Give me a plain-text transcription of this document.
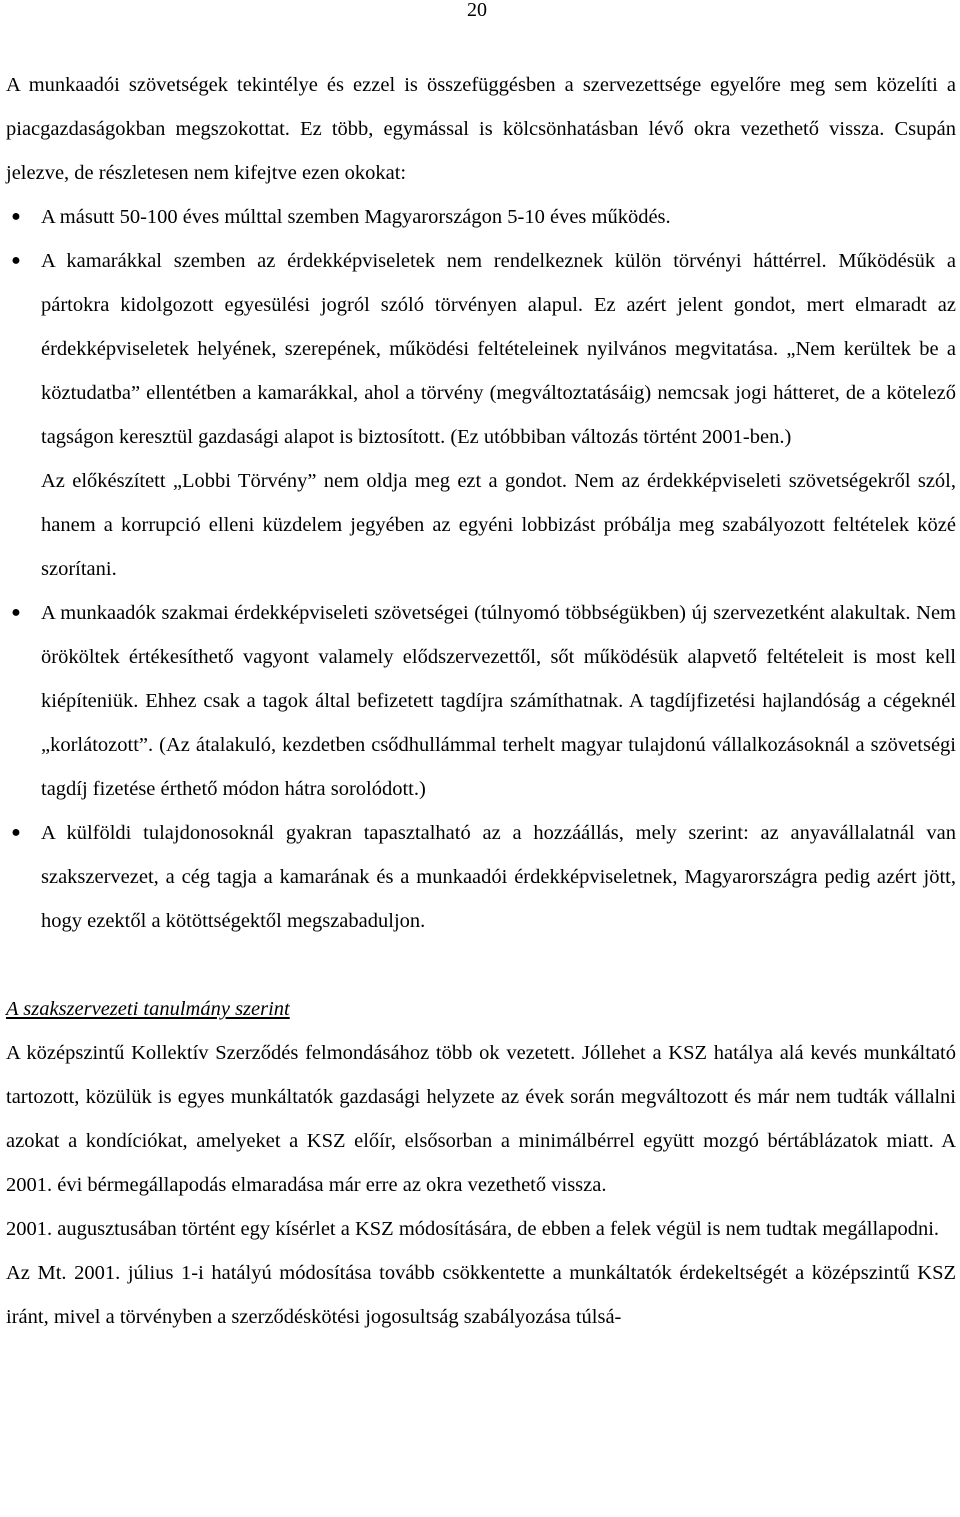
20

A munkaadói szövetségek tekintélye és ezzel is összefüggésben a szervezettsége egyelőre meg sem közelíti a piacgazdaságokban megszokottat. Ez több, egymással is kölcsönhatásban lévő okra vezethető vissza. Csupán jelezve, de részletesen nem kifejtve ezen okokat:

● A másutt 50-100 éves múlttal szemben Magyarországon 5-10 éves működés.

● A kamarákkal szemben az érdekképviseletek nem rendelkeznek külön törvényi háttérrel. Működésük a pártokra kidolgozott egyesülési jogról szóló törvényen alapul. Ez azért jelent gondot, mert elmaradt az érdekképviseletek helyének, szerepének, működési feltételeinek nyilvános megvitatása. „Nem kerültek be a köztudatba” ellentétben a kamarákkal, ahol a törvény (megváltoztatásáig) nemcsak jogi hátteret, de a kötelező tagságon keresztül gazdasági alapot is biztosított. (Ez utóbbiban változás történt 2001-ben.)

Az előkészített „Lobbi Törvény” nem oldja meg ezt a gondot. Nem az érdekképviseleti szövetségekről szól, hanem a korrupció elleni küzdelem jegyében az egyéni lobbizást próbálja meg szabályozott feltételek közé szorítani.

● A munkaadók szakmai érdekképviseleti szövetségei (túlnyomó többségükben) új szervezetként alakultak. Nem örököltek értékesíthető vagyont valamely elődszervezettől, sőt működésük alapvető feltételeit is most kell kiépíteniük. Ehhez csak a tagok által befizetett tagdíjra számíthatnak. A tagdíjfizetési hajlandóság a cégeknél „korlátozott”. (Az átalakuló, kezdetben csődhullámmal terhelt magyar tulajdonú vállalkozásoknál a szövetségi tagdíj fizetése érthető módon hátra sorolódott.)

● A külföldi tulajdonosoknál gyakran tapasztalható az a hozzáállás, mely szerint: az anyavállalatnál van szakszervezet, a cég tagja a kamarának és a munkaadói érdekképviseletnek, Magyarországra pedig azért jött, hogy ezektől a kötöttségektől megszabaduljon.

A szakszervezeti tanulmány szerint

A középszintű Kollektív Szerződés felmondásához több ok vezetett. Jóllehet a KSZ hatálya alá kevés munkáltató tartozott, közülük is egyes munkáltatók gazdasági helyzete az évek során megváltozott és már nem tudták vállalni azokat a kondíciókat, amelyeket a KSZ előír, elsősorban a minimálbérrel együtt mozgó bértáblázatok miatt. A 2001. évi bérmegállapodás elmaradása már erre az okra vezethető vissza.

2001. augusztusában történt egy kísérlet a KSZ módosítására, de ebben a felek végül is nem tudtak megállapodni.

Az Mt. 2001. július 1-i hatályú módosítása tovább csökkentette a munkáltatók érdekeltségét a középszintű KSZ iránt, mivel a törvényben a szerződéskötési jogosultság szabályozása túlsá-
